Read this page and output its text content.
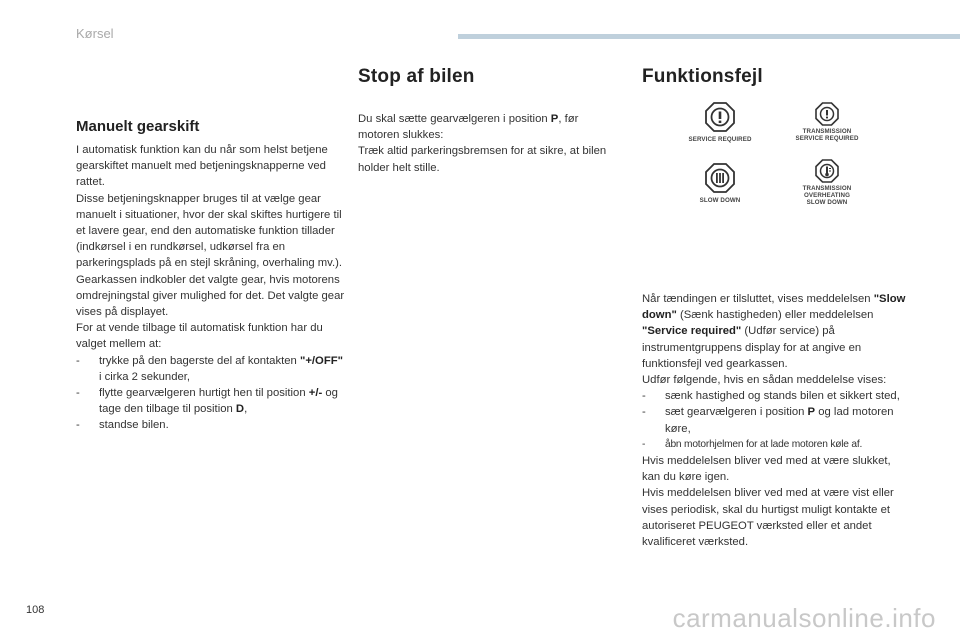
Kørsel
Manuelt gearskift

I automatisk funktion kan du når som helst betjene gearskiftet manuelt med betjeningsknapperne ved rattet.

Disse betjeningsknapper bruges til at vælge gear manuelt i situationer, hvor der skal skiftes hurtigere til et lavere gear, end den automatiske funktion tillader (indkørsel i en rundkørsel, udkørsel fra en parkeringsplads på en stejl skråning, overhaling mv.).

Gearkassen indkobler det valgte gear, hvis motorens omdrejningstal giver mulighed for det. Det valgte gear vises på displayet.

For at vende tilbage til automatisk funktion har du valget mellem at:

- trykke på den bagerste del af kontakten "+/OFF" i cirka 2 sekunder,
- flytte gearvælgeren hurtigt hen til position +/- og tage den tilbage til position D,
- standse bilen.
Stop af bilen

Du skal sætte gearvælgeren i position P, før motoren slukkes:

Træk altid parkeringsbremsen for at sikre, at bilen holder helt stille.

Funktionsfejl
SERVICE REQUIRED
TRANSMISSION
SERVICE REQUIRED
SLOW DOWN
TRANSMISSION
OVERHEATING
SLOW DOWN

Når tændingen er tilsluttet, vises meddelelsen "Slow down" (Sænk hastigheden) eller meddelelsen "Service required" (Udfør service) på instrumentgruppens display for at angive en funktionsfejl ved gearkassen.

Udfør følgende, hvis en sådan meddelelse vises:

- sænk hastighed og stands bilen et sikkert sted,
- sæt gearvælgeren i position P og lad motoren køre,
- åbn motorhjelmen for at lade motoren køle af.

Hvis meddelelsen bliver ved med at være slukket, kan du køre igen.

Hvis meddelelsen bliver ved med at være vist eller vises periodisk, skal du hurtigst muligt kontakte et autoriseret PEUGEOT værksted eller et andet kvalificeret værksted.

108	carmanualsonline.info
